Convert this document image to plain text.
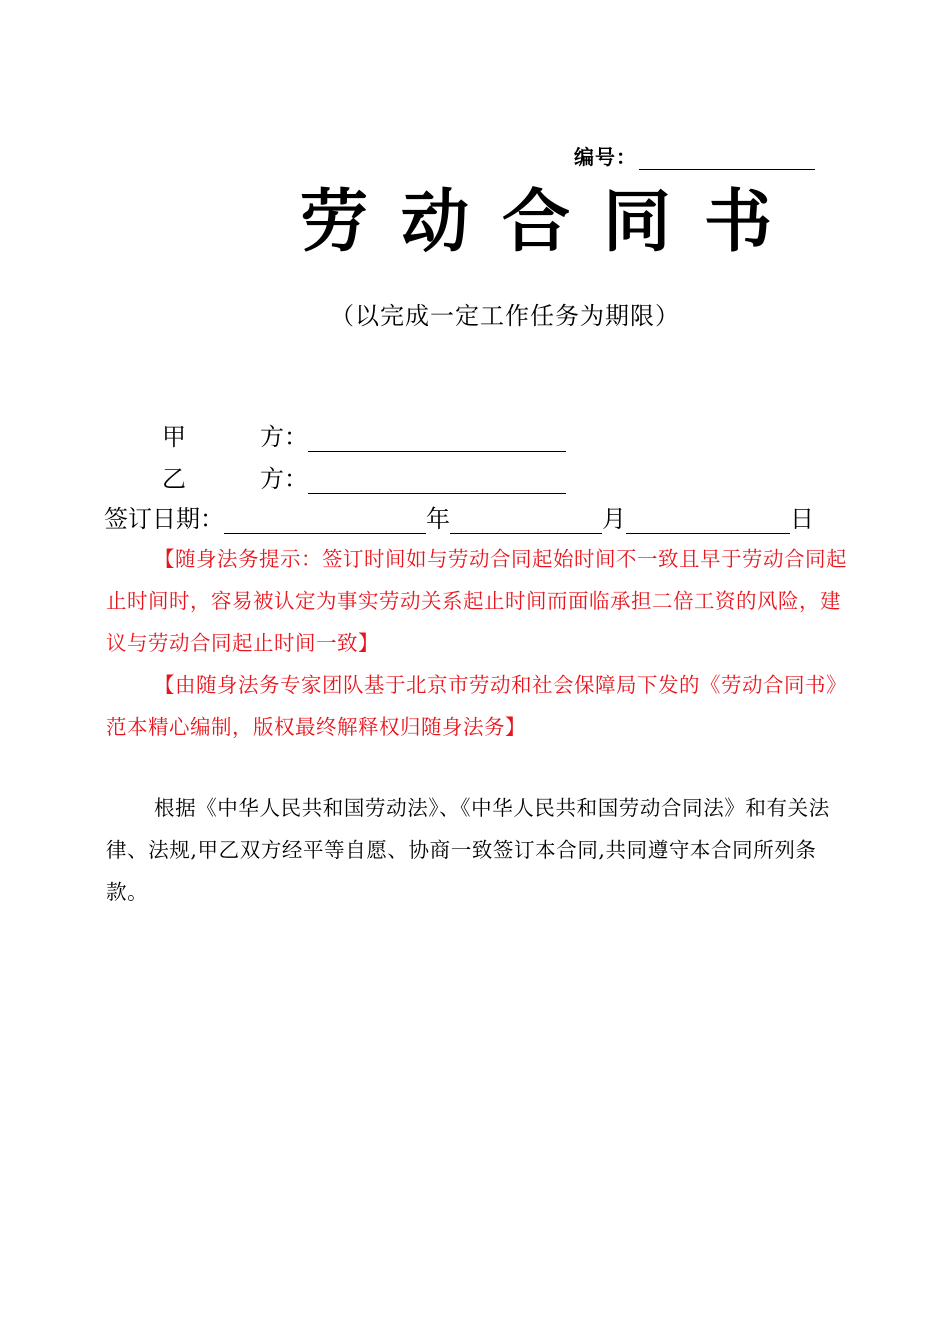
编号：
劳动合同书
（以完成一定工作任务为期限）
甲	方：
乙	方：
签订日期：	年	月	日
【随身法务提示：签订时间如与劳动合同起始时间不一致且早于劳动合同起止时间时，容易被认定为事实劳动关系起止时间而面临承担二倍工资的风险，建议与劳动合同起止时间一致】
【由随身法务专家团队基于北京市劳动和社会保障局下发的《劳动合同书》范本精心编制，版权最终解释权归随身法务】
根据《中华人民共和国劳动法》、《中华人民共和国劳动合同法》和有关法律、法规,甲乙双方经平等自愿、协商一致签订本合同,共同遵守本合同所列条款。
